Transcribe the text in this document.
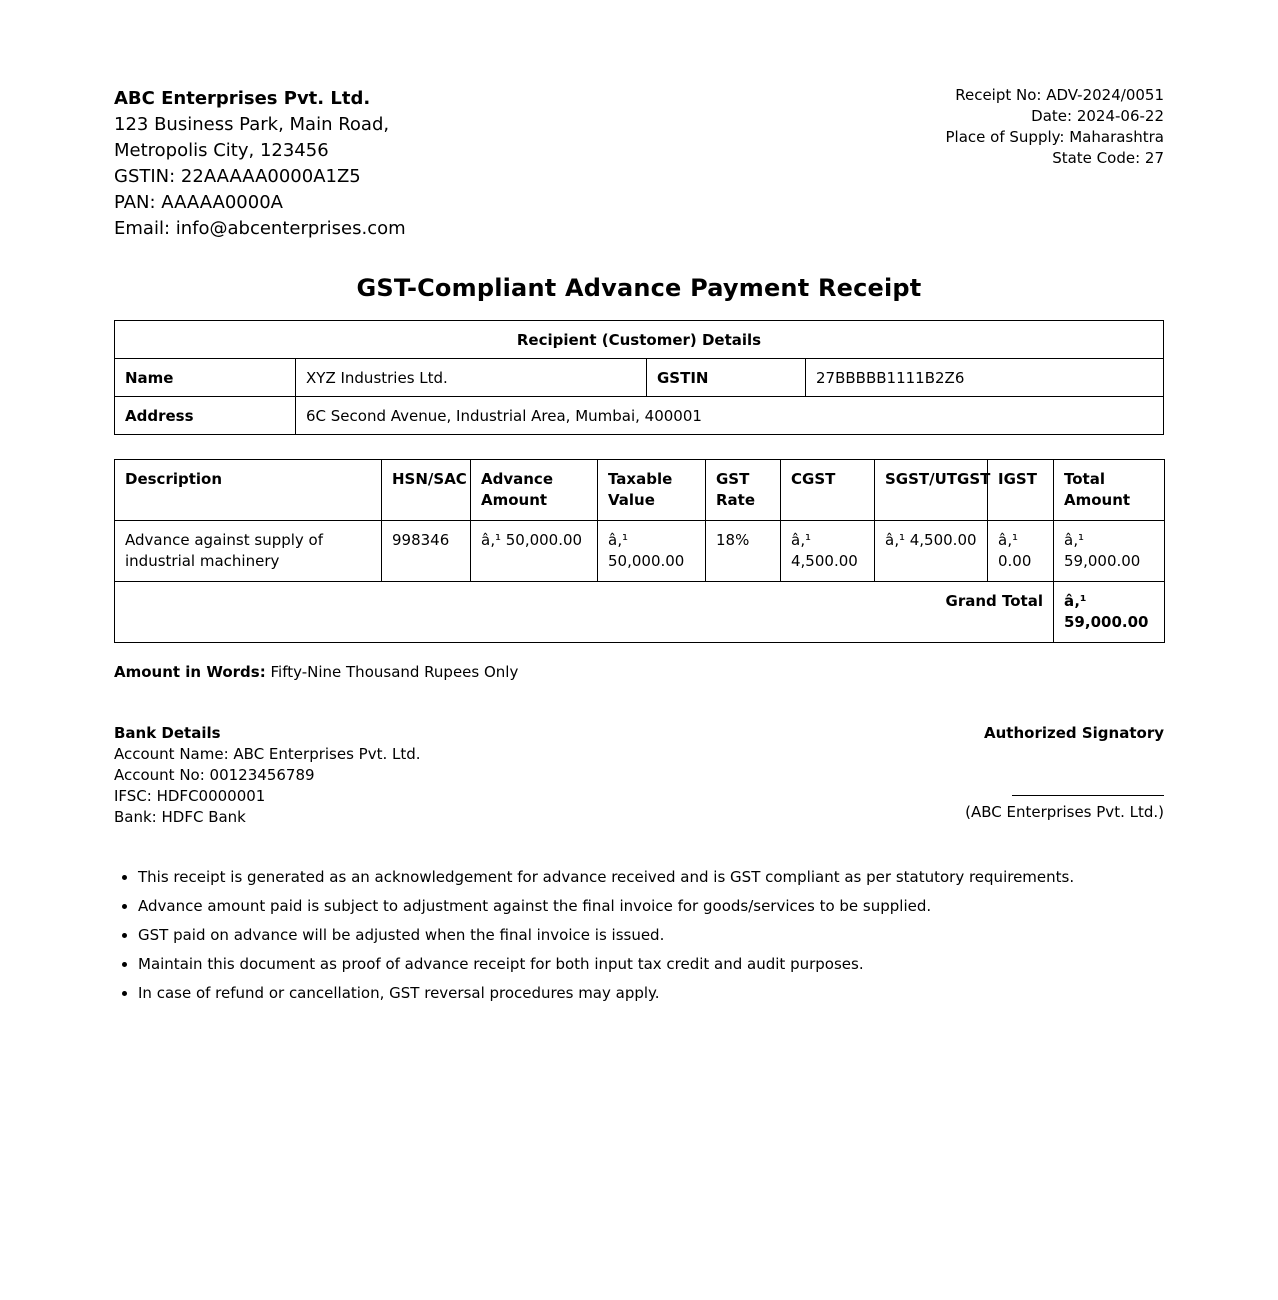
ABC Enterprises Pvt. Ltd.
123 Business Park, Main Road,
Metropolis City, 123456
GSTIN: 22AAAAA0000A1Z5
PAN: AAAAA0000A
Email: info@abcenterprises.com
Receipt No: ADV-2024/0051
Date: 2024-06-22
Place of Supply: Maharashtra
State Code: 27
GST-Compliant Advance Payment Receipt
Recipient (Customer) Details			
Name	XYZ Industries Ltd.	GSTIN	27BBBBB1111B2Z6
Address	6C Second Avenue, Industrial Area, Mumbai, 400001		
Description	HSN/SAC	Advance Amount	Taxable Value	GST Rate	CGST	SGST/UTGST	IGST	Total Amount
Advance against supply of industrial machinery	998346	â‚¹ 50,000.00	â‚¹ 50,000.00	18%	â‚¹ 4,500.00	â‚¹ 4,500.00	â‚¹ 0.00	â‚¹ 59,000.00
Grand Total								â‚¹ 59,000.00
Amount in Words: Fifty-Nine Thousand Rupees Only
Bank Details
Account Name: ABC Enterprises Pvt. Ltd.
Account No: 00123456789
IFSC: HDFC0000001
Bank: HDFC Bank
Authorized Signatory
(ABC Enterprises Pvt. Ltd.)
• This receipt is generated as an acknowledgement for advance received and is GST compliant as per statutory requirements.
• Advance amount paid is subject to adjustment against the final invoice for goods/services to be supplied.
• GST paid on advance will be adjusted when the final invoice is issued.
• Maintain this document as proof of advance receipt for both input tax credit and audit purposes.
• In case of refund or cancellation, GST reversal procedures may apply.
